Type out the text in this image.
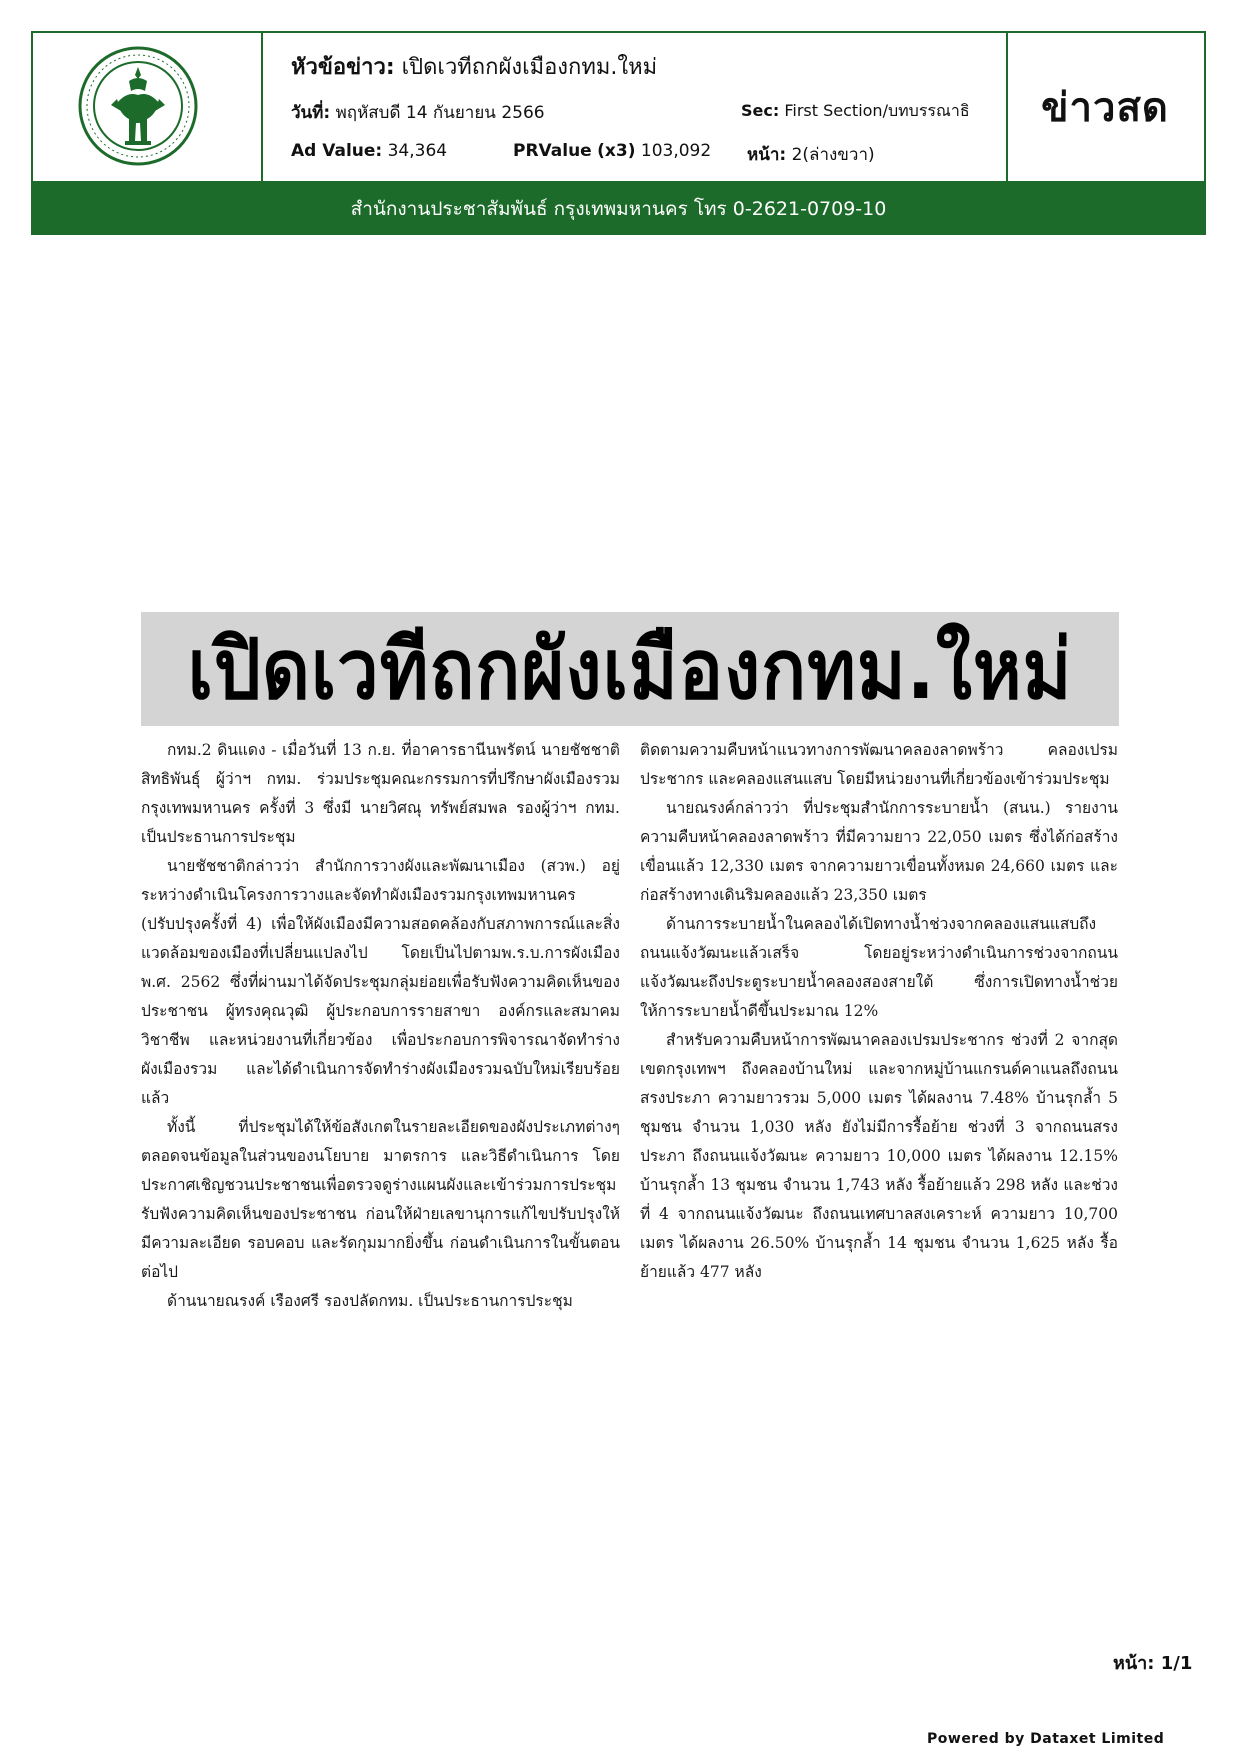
หัวข้อข่าว: เปิดเวทีถกผังเมืองกทม.ใหม่
วันที่: พฤหัสบดี 14 กันยายน 2566	Sec: First Section/บทบรรณาธิ
Ad Value: 34,364	PRValue (x3) 103,092 หน้า: 2(ล่างขวา)
ข่าวสด
สำนักงานประชาสัมพันธ์ กรุงเทพมหานคร โทร 0-2621-0709-10
เปิดเวทีถกผังเมืองกทม.ใหม่

กทม.2 ดินแดง - เมื่อวันที่ 13 ก.ย. ที่อาคารธานีนพรัตน์ นายชัชชาติ สิทธิพันธุ์ ผู้ว่าฯ กทม. ร่วมประชุมคณะกรรมการที่ปรึกษาผังเมืองรวมกรุงเทพมหานคร ครั้งที่ 3 ซึ่งมี นายวิศณุ ทรัพย์สมพล รองผู้ว่าฯ กทม. เป็นประธานการประชุม

นายชัชชาติกล่าวว่า สำนักการวางผังและพัฒนาเมือง (สวพ.) อยู่ระหว่างดำเนินโครงการวางและจัดทำผังเมืองรวมกรุงเทพมหานคร (ปรับปรุงครั้งที่ 4) เพื่อให้ผังเมืองมีความสอดคล้องกับสภาพการณ์และสิ่งแวดล้อมของเมืองที่เปลี่ยนแปลงไป โดยเป็นไปตามพ.ร.บ.การผังเมือง พ.ศ. 2562 ซึ่งที่ผ่านมาได้จัดประชุมกลุ่มย่อยเพื่อรับฟังความคิดเห็นของประชาชน ผู้ทรงคุณวุฒิ ผู้ประกอบการรายสาขา องค์กรและสมาคมวิชาชีพ และหน่วยงานที่เกี่ยวข้อง เพื่อประกอบการพิจารณาจัดทำร่างผังเมืองรวม และได้ดำเนินการจัดทำร่างผังเมืองรวมฉบับใหม่เรียบร้อยแล้ว

ทั้งนี้ ที่ประชุมได้ให้ข้อสังเกตในรายละเอียดของผังประเภทต่างๆ ตลอดจนข้อมูลในส่วนของนโยบาย มาตรการ และวิธีดำเนินการ โดยประกาศเชิญชวนประชาชนเพื่อตรวจดูร่างแผนผังและเข้าร่วมการประชุมรับฟังความคิดเห็นของประชาชน ก่อนให้ฝ่ายเลขานุการแก้ไขปรับปรุงให้มีความละเอียด รอบคอบ และรัดกุมมากยิ่งขึ้น ก่อนดำเนินการในขั้นตอนต่อไป

ด้านนายณรงค์ เรืองศรี รองปลัดกทม. เป็นประธานการประชุม

ติดตามความคืบหน้าแนวทางการพัฒนาคลองลาดพร้าว คลองเปรมประชากร และคลองแสนแสบ โดยมีหน่วยงานที่เกี่ยวข้องเข้าร่วมประชุม

นายณรงค์กล่าวว่า ที่ประชุมสำนักการระบายน้ำ (สนน.) รายงานความคืบหน้าคลองลาดพร้าว ที่มีความยาว 22,050 เมตร ซึ่งได้ก่อสร้างเขื่อนแล้ว 12,330 เมตร จากความยาวเขื่อนทั้งหมด 24,660 เมตร และก่อสร้างทางเดินริมคลองแล้ว 23,350 เมตร

ด้านการระบายน้ำในคลองได้เปิดทางน้ำช่วงจากคลองแสนแสบถึงถนนแจ้งวัฒนะแล้วเสร็จ โดยอยู่ระหว่างดำเนินการช่วงจากถนนแจ้งวัฒนะถึงประตูระบายน้ำคลองสองสายใต้ ซึ่งการเปิดทางน้ำช่วยให้การระบายน้ำดีขึ้นประมาณ 12%

สำหรับความคืบหน้าการพัฒนาคลองเปรมประชากร ช่วงที่ 2 จากสุดเขตกรุงเทพฯ ถึงคลองบ้านใหม่ และจากหมู่บ้านแกรนด์คาแนลถึงถนนสรงประภา ความยาวรวม 5,000 เมตร ได้ผลงาน 7.48% บ้านรุกล้ำ 5 ชุมชน จำนวน 1,030 หลัง ยังไม่มีการรื้อย้าย ช่วงที่ 3 จากถนนสรงประภา ถึงถนนแจ้งวัฒนะ ความยาว 10,000 เมตร ได้ผลงาน 12.15% บ้านรุกล้ำ 13 ชุมชน จำนวน 1,743 หลัง รื้อย้ายแล้ว 298 หลัง และช่วงที่ 4 จากถนนแจ้งวัฒนะ ถึงถนนเทศบาลสงเคราะห์ ความยาว 10,700 เมตร ได้ผลงาน 26.50% บ้านรุกล้ำ 14 ชุมชน จำนวน 1,625 หลัง รื้อย้ายแล้ว 477 หลัง

หน้า: 1/1
Powered by Dataxet Limited
